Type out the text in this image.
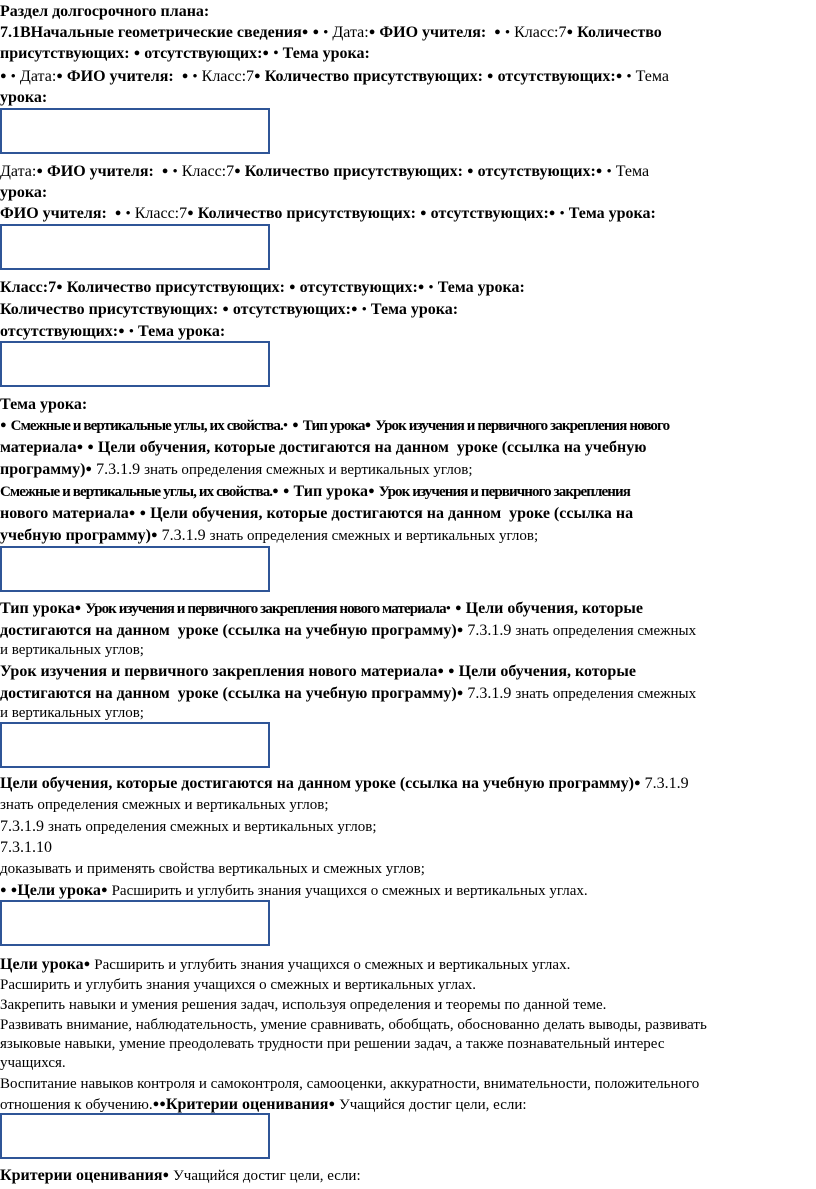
Раздел долгосрочного плана:
7.1ВНачальные геометрические сведения● ● • Дата:● ФИО учителя: ● • Класс:7● Количество
присутствующих: ● отсутствующих:● • Тема урока:
● • Дата:● ФИО учителя: ● • Класс:7● Количество присутствующих: ● отсутствующих:● • Тема
урока:
Дата:● ФИО учителя: ● • Класс:7● Количество присутствующих: ● отсутствующих:● • Тема
урока:
ФИО учителя: ● • Класс:7● Количество присутствующих: ● отсутствующих:● • Тема урока:
Класс:7● Количество присутствующих: ● отсутствующих:● • Тема урока:
Количество присутствующих: ● отсутствующих:● • Тема урока:
отсутствующих:● • Тема урока:
Тема урока:
● Смежные и вертикальные углы, их свойства.• ● Тип урока● Урок изучения и первичного закрепления нового
материала● ● Цели обучения, которые достигаются на данном  уроке (ссылка на учебную
программу)● 7.3.1.9 знать определения смежных и вертикальных углов;
Смежные и вертикальные углы, их свойства.● ● Тип урока● Урок изучения и первичного закрепления
нового материала● ● Цели обучения, которые достигаются на данном  уроке (ссылка на
учебную программу)● 7.3.1.9 знать определения смежных и вертикальных углов;
Тип урока● Урок изучения и первичного закрепления нового материала• ● Цели обучения, которые
достигаются на данном  уроке (ссылка на учебную программу)● 7.3.1.9 знать определения смежных
и вертикальных углов;
Урок изучения и первичного закрепления нового материала● ● Цели обучения, которые
достигаются на данном  уроке (ссылка на учебную программу)● 7.3.1.9 знать определения смежных
и вертикальных углов;
Цели обучения, которые достигаются на данном уроке (ссылка на учебную программу)● 7.3.1.9
знать определения смежных и вертикальных углов;
7.3.1.9 знать определения смежных и вертикальных углов;
7.3.1.10
доказывать и применять свойства вертикальных и смежных углов;
● ●Цели урока● Расширить и углубить знания учащихся о смежных и вертикальных углах.
Цели урока● Расширить и углубить знания учащихся о смежных и вертикальных углах.
Расширить и углубить знания учащихся о смежных и вертикальных углах.
Закрепить навыки и умения решения задач, используя определения и теоремы по данной теме.
Развивать внимание, наблюдательность, умение сравнивать, обобщать, обоснованно делать выводы, развивать
языковые навыки, умение преодолевать трудности при решении задач, а также познавательный интерес
учащихся.
Воспитание навыков контроля и самоконтроля, самооценки, аккуратности, внимательности, положительного
отношения к обучению.●●Критерии оценивания● Учащийся достиг цели, если:
Критерии оценивания● Учащийся достиг цели, если:
